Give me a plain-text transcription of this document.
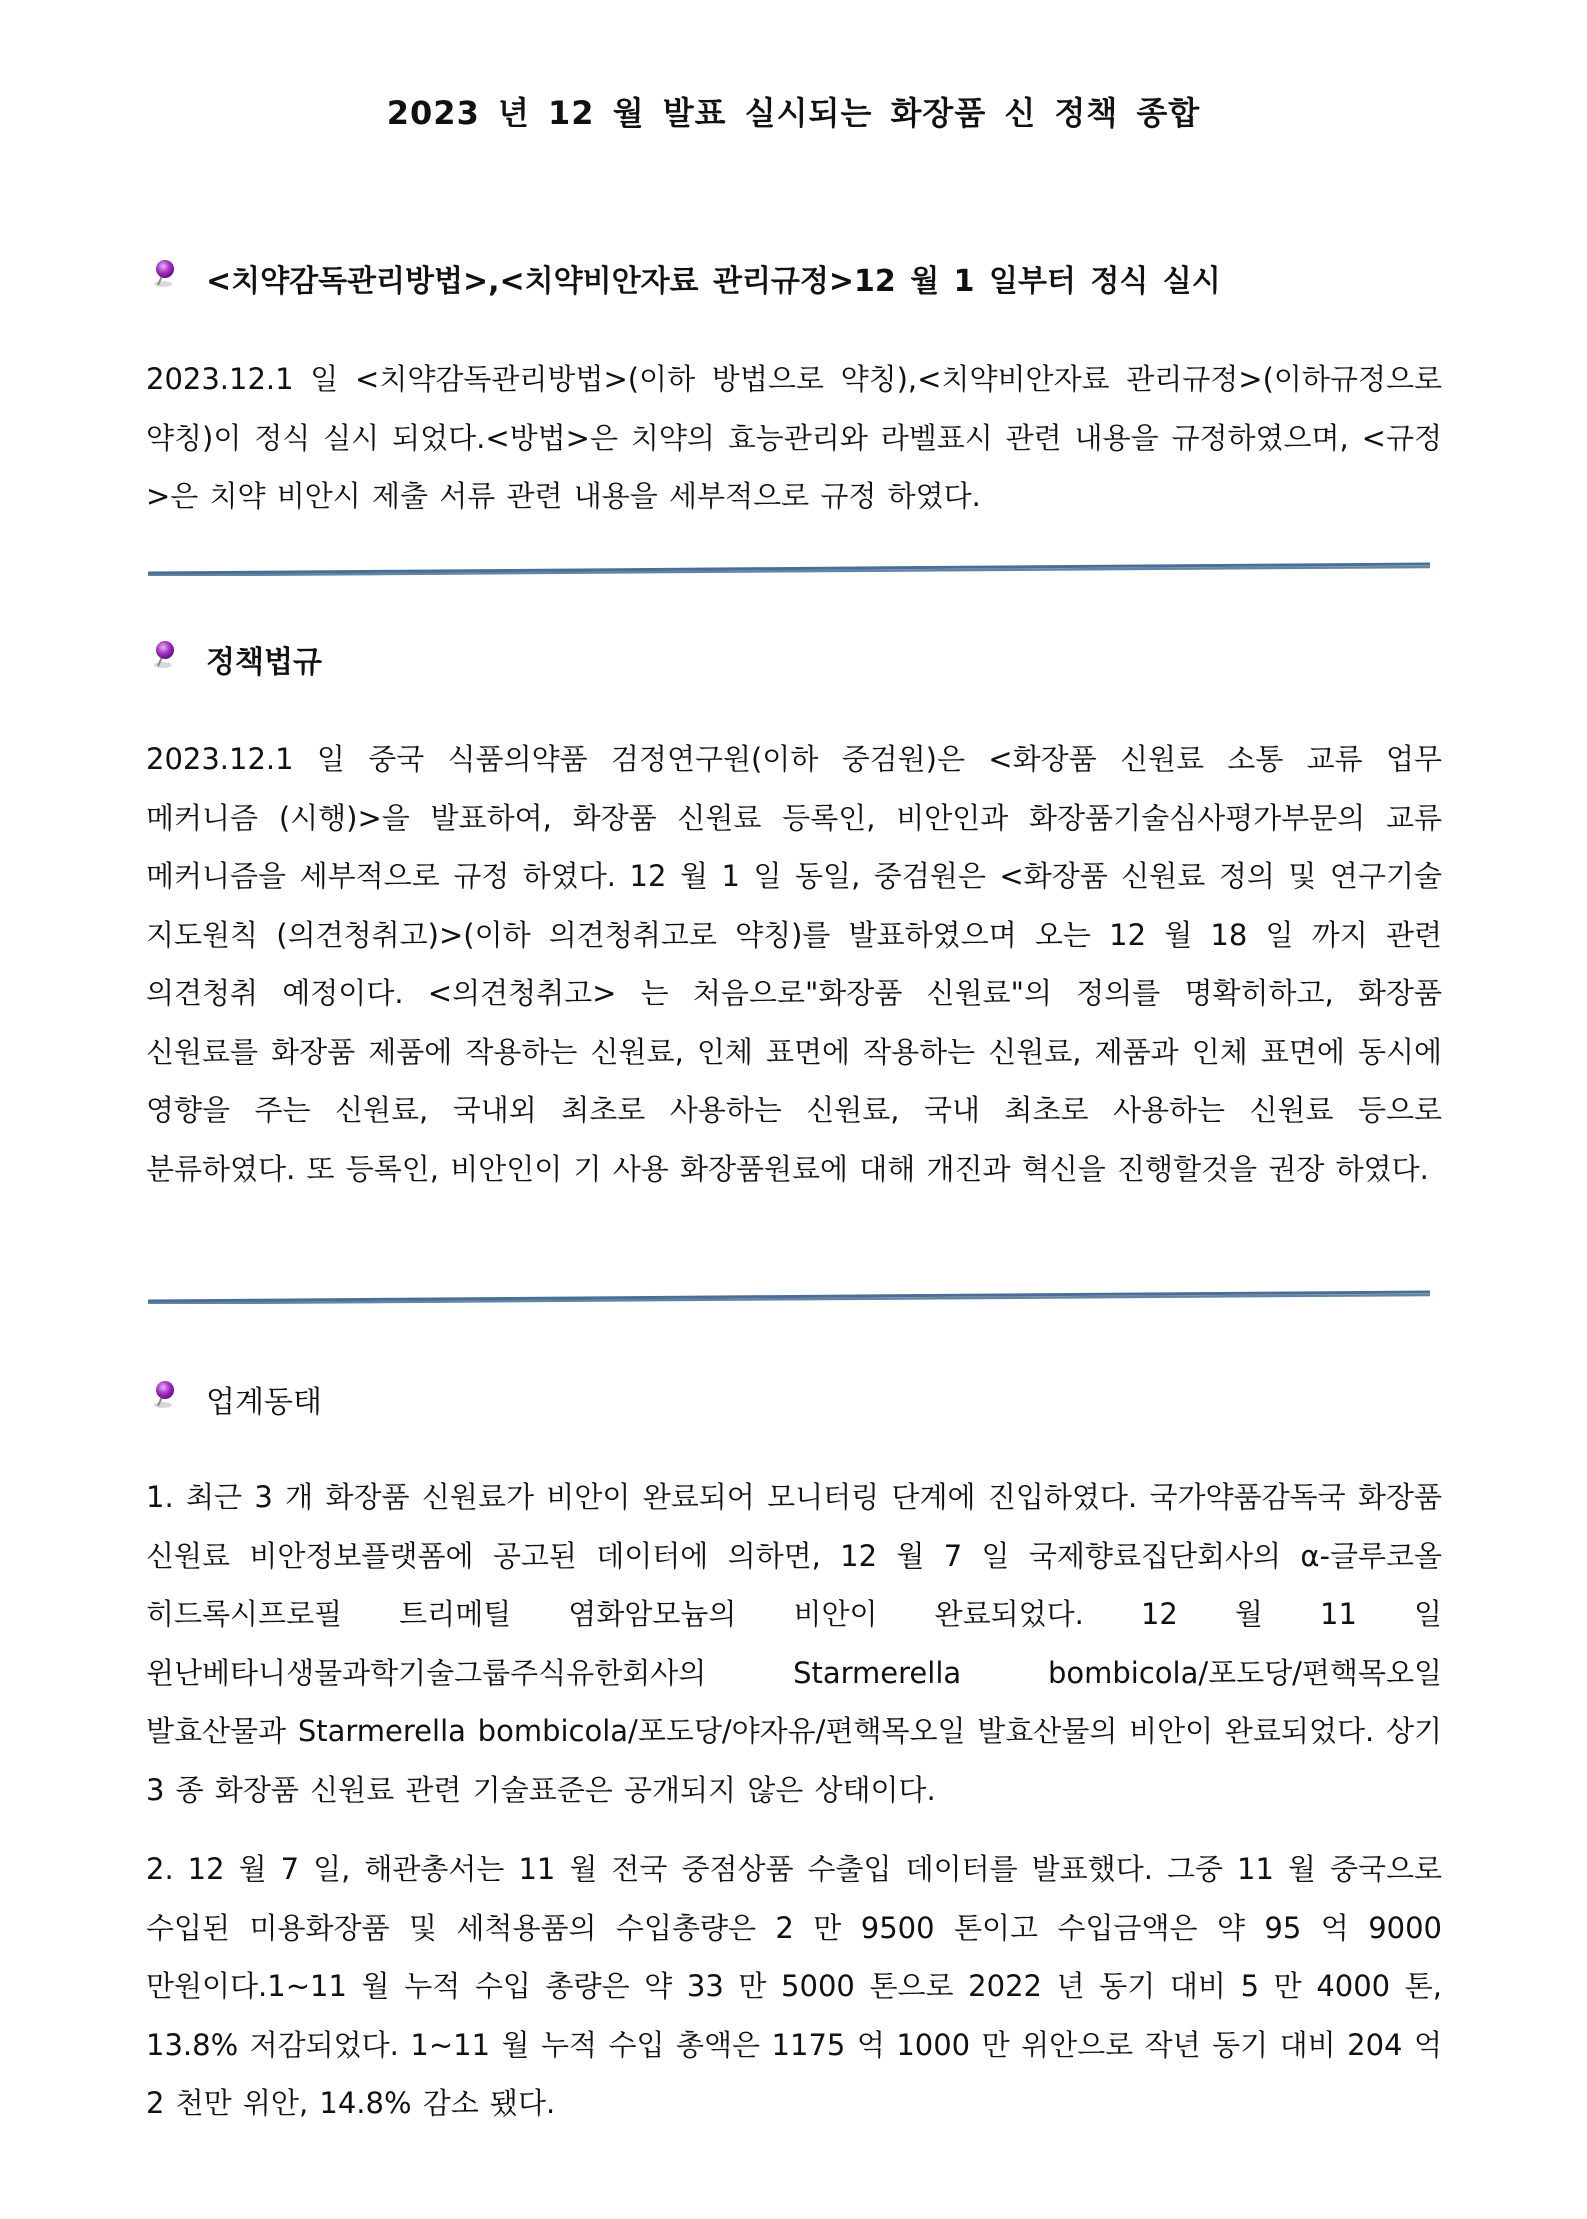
2023 년 12 월 발표 실시되는 화장품 신 정책 종합
<치약감독관리방법>,<치약비안자료 관리규정>12 월 1 일부터 정식 실시
2023.12.1 일 <치약감독관리방법>(이하 방법으로 약칭),<치약비안자료 관리규정>(이하규정으로 약칭)이 정식 실시 되었다.<방법>은 치약의 효능관리와 라벨표시 관련 내용을 규정하였으며, <규정>은 치약 비안시 제출 서류 관련 내용을 세부적으로 규정 하였다.
정책법규
2023.12.1 일 중국 식품의약품 검정연구원(이하 중검원)은 <화장품 신원료 소통 교류 업무 메커니즘 (시행)>을 발표하여, 화장품 신원료 등록인, 비안인과 화장품기술심사평가부문의 교류 메커니즘을 세부적으로 규정 하였다. 12 월 1 일 동일, 중검원은 <화장품 신원료 정의 및 연구기술 지도원칙 (의견청취고)>(이하 의견청취고로 약칭)를 발표하였으며 오는 12 월 18 일 까지 관련 의견청취 예정이다. <의견청취고> 는 처음으로"화장품 신원료"의 정의를 명확히하고, 화장품 신원료를 화장품 제품에 작용하는 신원료, 인체 표면에 작용하는 신원료, 제품과 인체 표면에 동시에 영향을 주는 신원료, 국내외 최초로 사용하는 신원료, 국내 최초로 사용하는 신원료 등으로 분류하였다. 또 등록인, 비안인이 기 사용 화장품원료에 대해 개진과 혁신을 진행할것을 권장 하였다.
업계동태
1. 최근 3 개 화장품 신원료가 비안이 완료되어 모니터링 단계에 진입하였다. 국가약품감독국 화장품 신원료 비안정보플랫폼에 공고된 데이터에 의하면, 12 월 7 일 국제향료집단회사의 α-글루코올 히드록시프로필 트리메틸 염화암모늄의 비안이 완료되었다. 12 월 11 일 윈난베타니생물과학기술그룹주식유한회사의 Starmerella bombicola/포도당/편핵목오일 발효산물과 Starmerella bombicola/포도당/야자유/편핵목오일 발효산물의 비안이 완료되었다. 상기 3 종 화장품 신원료 관련 기술표준은 공개되지 않은 상태이다.
2. 12 월 7 일, 해관총서는 11 월 전국 중점상품 수출입 데이터를 발표했다. 그중 11 월 중국으로 수입된 미용화장품 및 세척용품의 수입총량은 2 만 9500 톤이고 수입금액은 약 95 억 9000 만원이다.1~11 월 누적 수입 총량은 약 33 만 5000 톤으로 2022 년 동기 대비 5 만 4000 톤, 13.8% 저감되었다. 1~11 월 누적 수입 총액은 1175 억 1000 만 위안으로 작년 동기 대비 204 억 2 천만 위안, 14.8% 감소 됐다.
